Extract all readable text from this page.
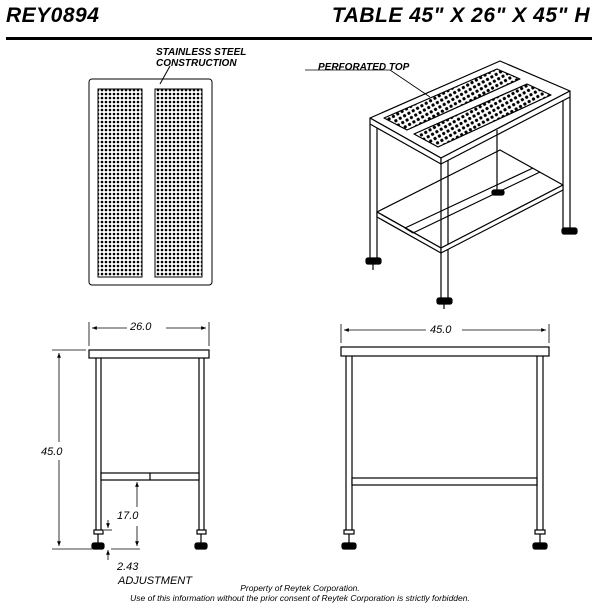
REY0894	TABLE 45" X 26" X 45" H
STAINLESS STEEL
CONSTRUCTION	PERFORATED TOP
26.0
45.0
17.0
2.43
ADJUSTMENT
45.0
Property of Reytek Corporation.
Use of this information without the prior consent of Reytek Corporation is strictly forbidden.
